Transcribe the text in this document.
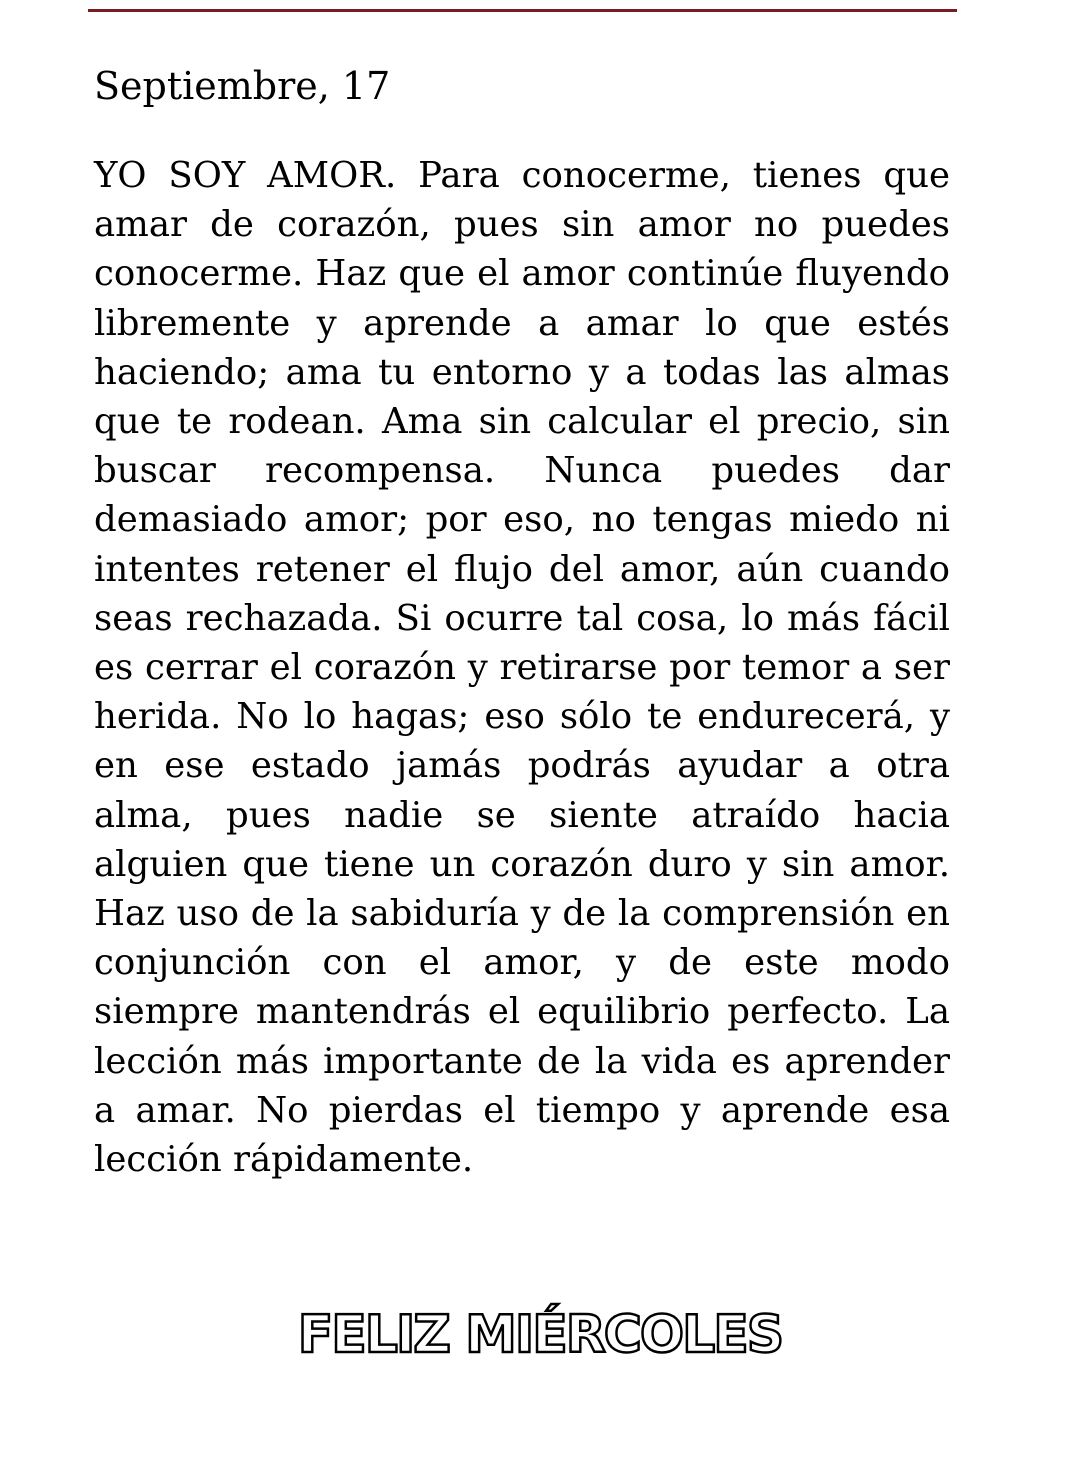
Septiembre, 17

YO SOY AMOR. Para conocerme, tienes que amar de corazón, pues sin amor no puedes conocerme. Haz que el amor continúe fluyendo libremente y aprende a amar lo que estés haciendo; ama tu entorno y a todas las almas que te rodean. Ama sin calcular el precio, sin buscar recompensa. Nunca puedes dar demasiado amor; por eso, no tengas miedo ni intentes retener el flujo del amor, aún cuando seas rechazada. Si ocurre tal cosa, lo más fácil es cerrar el corazón y retirarse por temor a ser herida. No lo hagas; eso sólo te endurecerá, y en ese estado jamás podrás ayudar a otra alma, pues nadie se siente atraído hacia alguien que tiene un corazón duro y sin amor. Haz uso de la sabiduría y de la comprensión en conjunción con el amor, y de este modo siempre mantendrás el equilibrio perfecto. La lección más importante de la vida es aprender a amar. No pierdas el tiempo y aprende esa lección rápidamente.

FELIZ MIÉRCOLES
